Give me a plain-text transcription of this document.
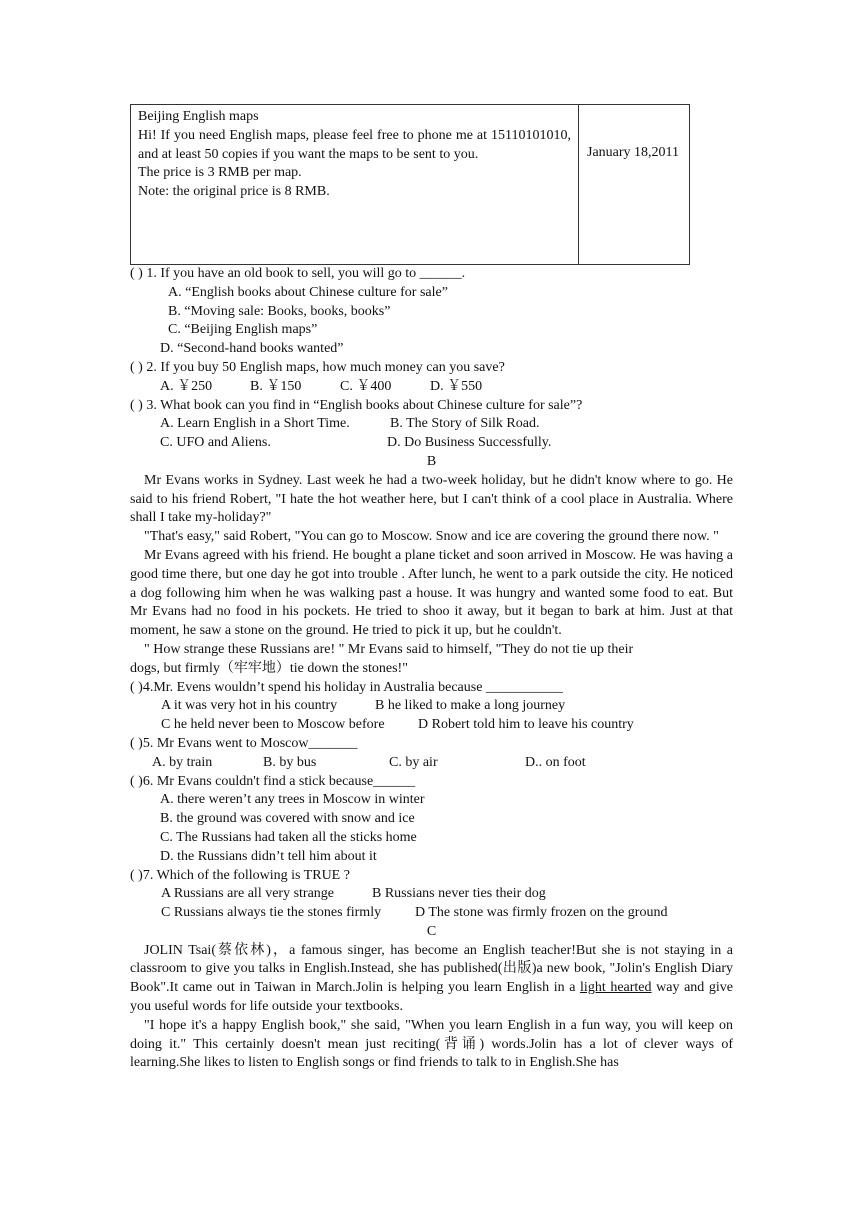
Beijing English maps
Hi! If you need English maps, please feel free to phone me at 15110101010, and at least 50 copies if you want the maps to be sent to you.
The price is 3 RMB per map.
Note: the original price is 8 RMB.
	January 18,2011
( ) 1. If you have an old book to sell, you will go to ______.
A. “English books about Chinese culture for sale”
B. “Moving sale: Books, books, books”
C. “Beijing English maps”
D. “Second-hand books wanted”
( ) 2. If you buy 50 English maps, how much money can you save?
A. ￥250	B. ￥150	C. ￥400	D. ￥550
( ) 3. What book can you find in “English books about Chinese culture for sale”?
A. Learn English in a Short Time.	B. The Story of Silk Road.
C. UFO and Aliens.	D. Do Business Successfully.
B
Mr Evans works in Sydney. Last week he had a two-week holiday, but he didn't know where to go. He said to his friend Robert, "I hate the hot weather here, but I can't think of a cool place in Australia. Where shall I take my-holiday?"
"That's easy," said Robert, "You can go to Moscow. Snow and ice are covering the ground there now. "
Mr Evans agreed with his friend. He bought a plane ticket and soon arrived in Moscow. He was having a good time there, but one day he got into trouble . After lunch, he went to a park outside the city. He noticed a dog following him when he was walking past a house. It was hungry and wanted some food to eat. But Mr Evans had no food in his pockets. He tried to shoo it away, but it began to bark at him. Just at that moment, he saw a stone on the ground. He tried to pick it up, but he couldn't.
" How strange these Russians are! " Mr Evans said to himself, "They do not tie up their
dogs, but firmly（牢牢地）tie down the stones!"
( )4.Mr. Evens wouldn’t spend his holiday in Australia because ___________
A it was very hot in his country	B he liked to make a long journey
C he held never been to Moscow before	D Robert told him to leave his country
( )5. Mr Evans went to Moscow_______
A. by train	B. by bus	C. by air	D.. on foot
( )6. Mr Evans couldn't find a stick because______
A. there weren’t any trees in Moscow in winter
B. the ground was covered with snow and ice
C. The Russians had taken all the sticks home
D. the Russians didn’t tell him about it
( )7. Which of the following is TRUE ?
A Russians are all very strange	B Russians never ties their dog
C Russians always tie the stones firmly	D The stone was firmly frozen on the ground
C
JOLIN Tsai(蔡依林)，a famous singer, has become an English teacher!But she is not staying in a classroom to give you talks in English.Instead, she has published(出版)a new book, "Jolin's English Diary Book".It came out in Taiwan in March.Jolin is helping you learn English in a light hearted way and give you useful words for life outside your textbooks.
"I hope it's a happy English book," she said, "When you learn English in a fun way, you will keep on doing it." This certainly doesn't mean just reciting(背诵) words.Jolin has a lot of clever ways of learning.She likes to listen to English songs or find friends to talk to in English.She has
